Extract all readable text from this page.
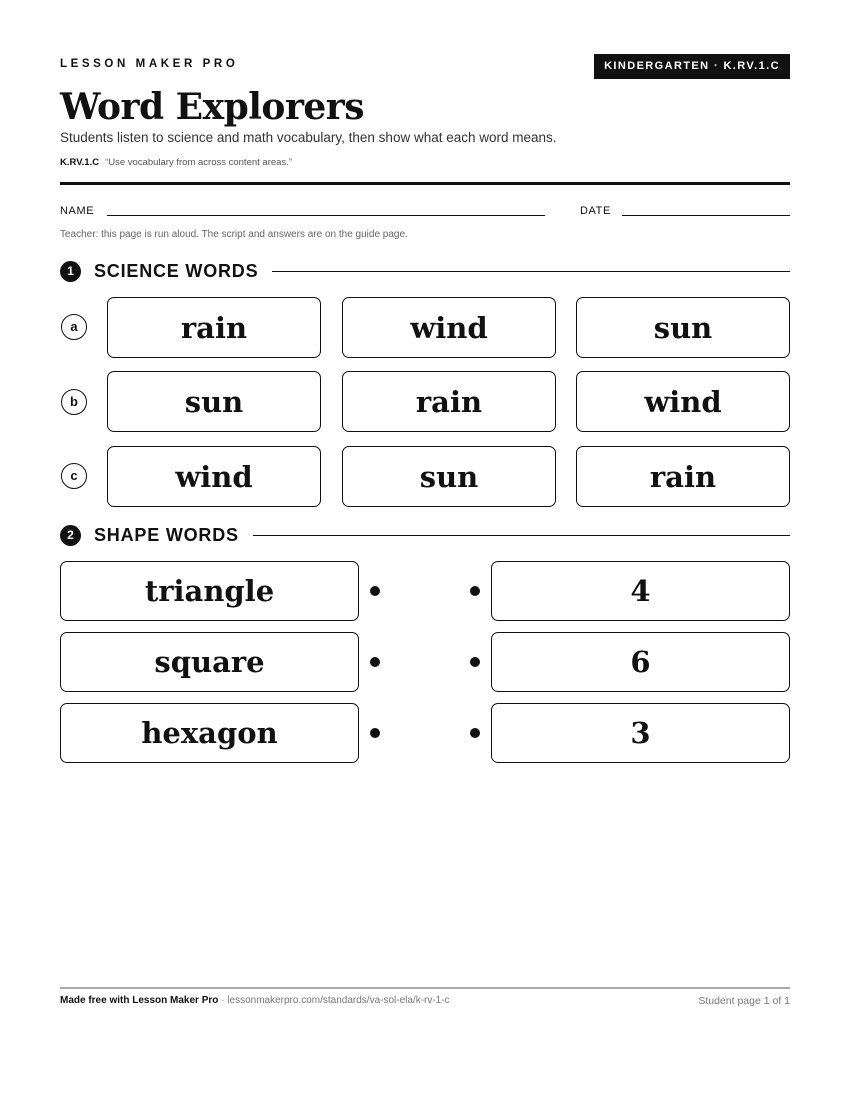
LESSON MAKER PRO	KINDERGARTEN · K.RV.1.C
Word Explorers
Students listen to science and math vocabulary, then show what each word means.
K.RV.1.C “Use vocabulary from across content areas.”
NAME	DATE
Teacher: this page is run aloud. The script and answers are on the guide page.
1	SCIENCE WORDS
a	rain	wind	sun
b	sun	rain	wind
c	wind	sun	rain
2	SHAPE WORDS
triangle	4
square	6
hexagon	3
Made free with Lesson Maker Pro · lessonmakerpro.com/standards/va-sol-ela/k-rv-1-c	Student page 1 of 1
